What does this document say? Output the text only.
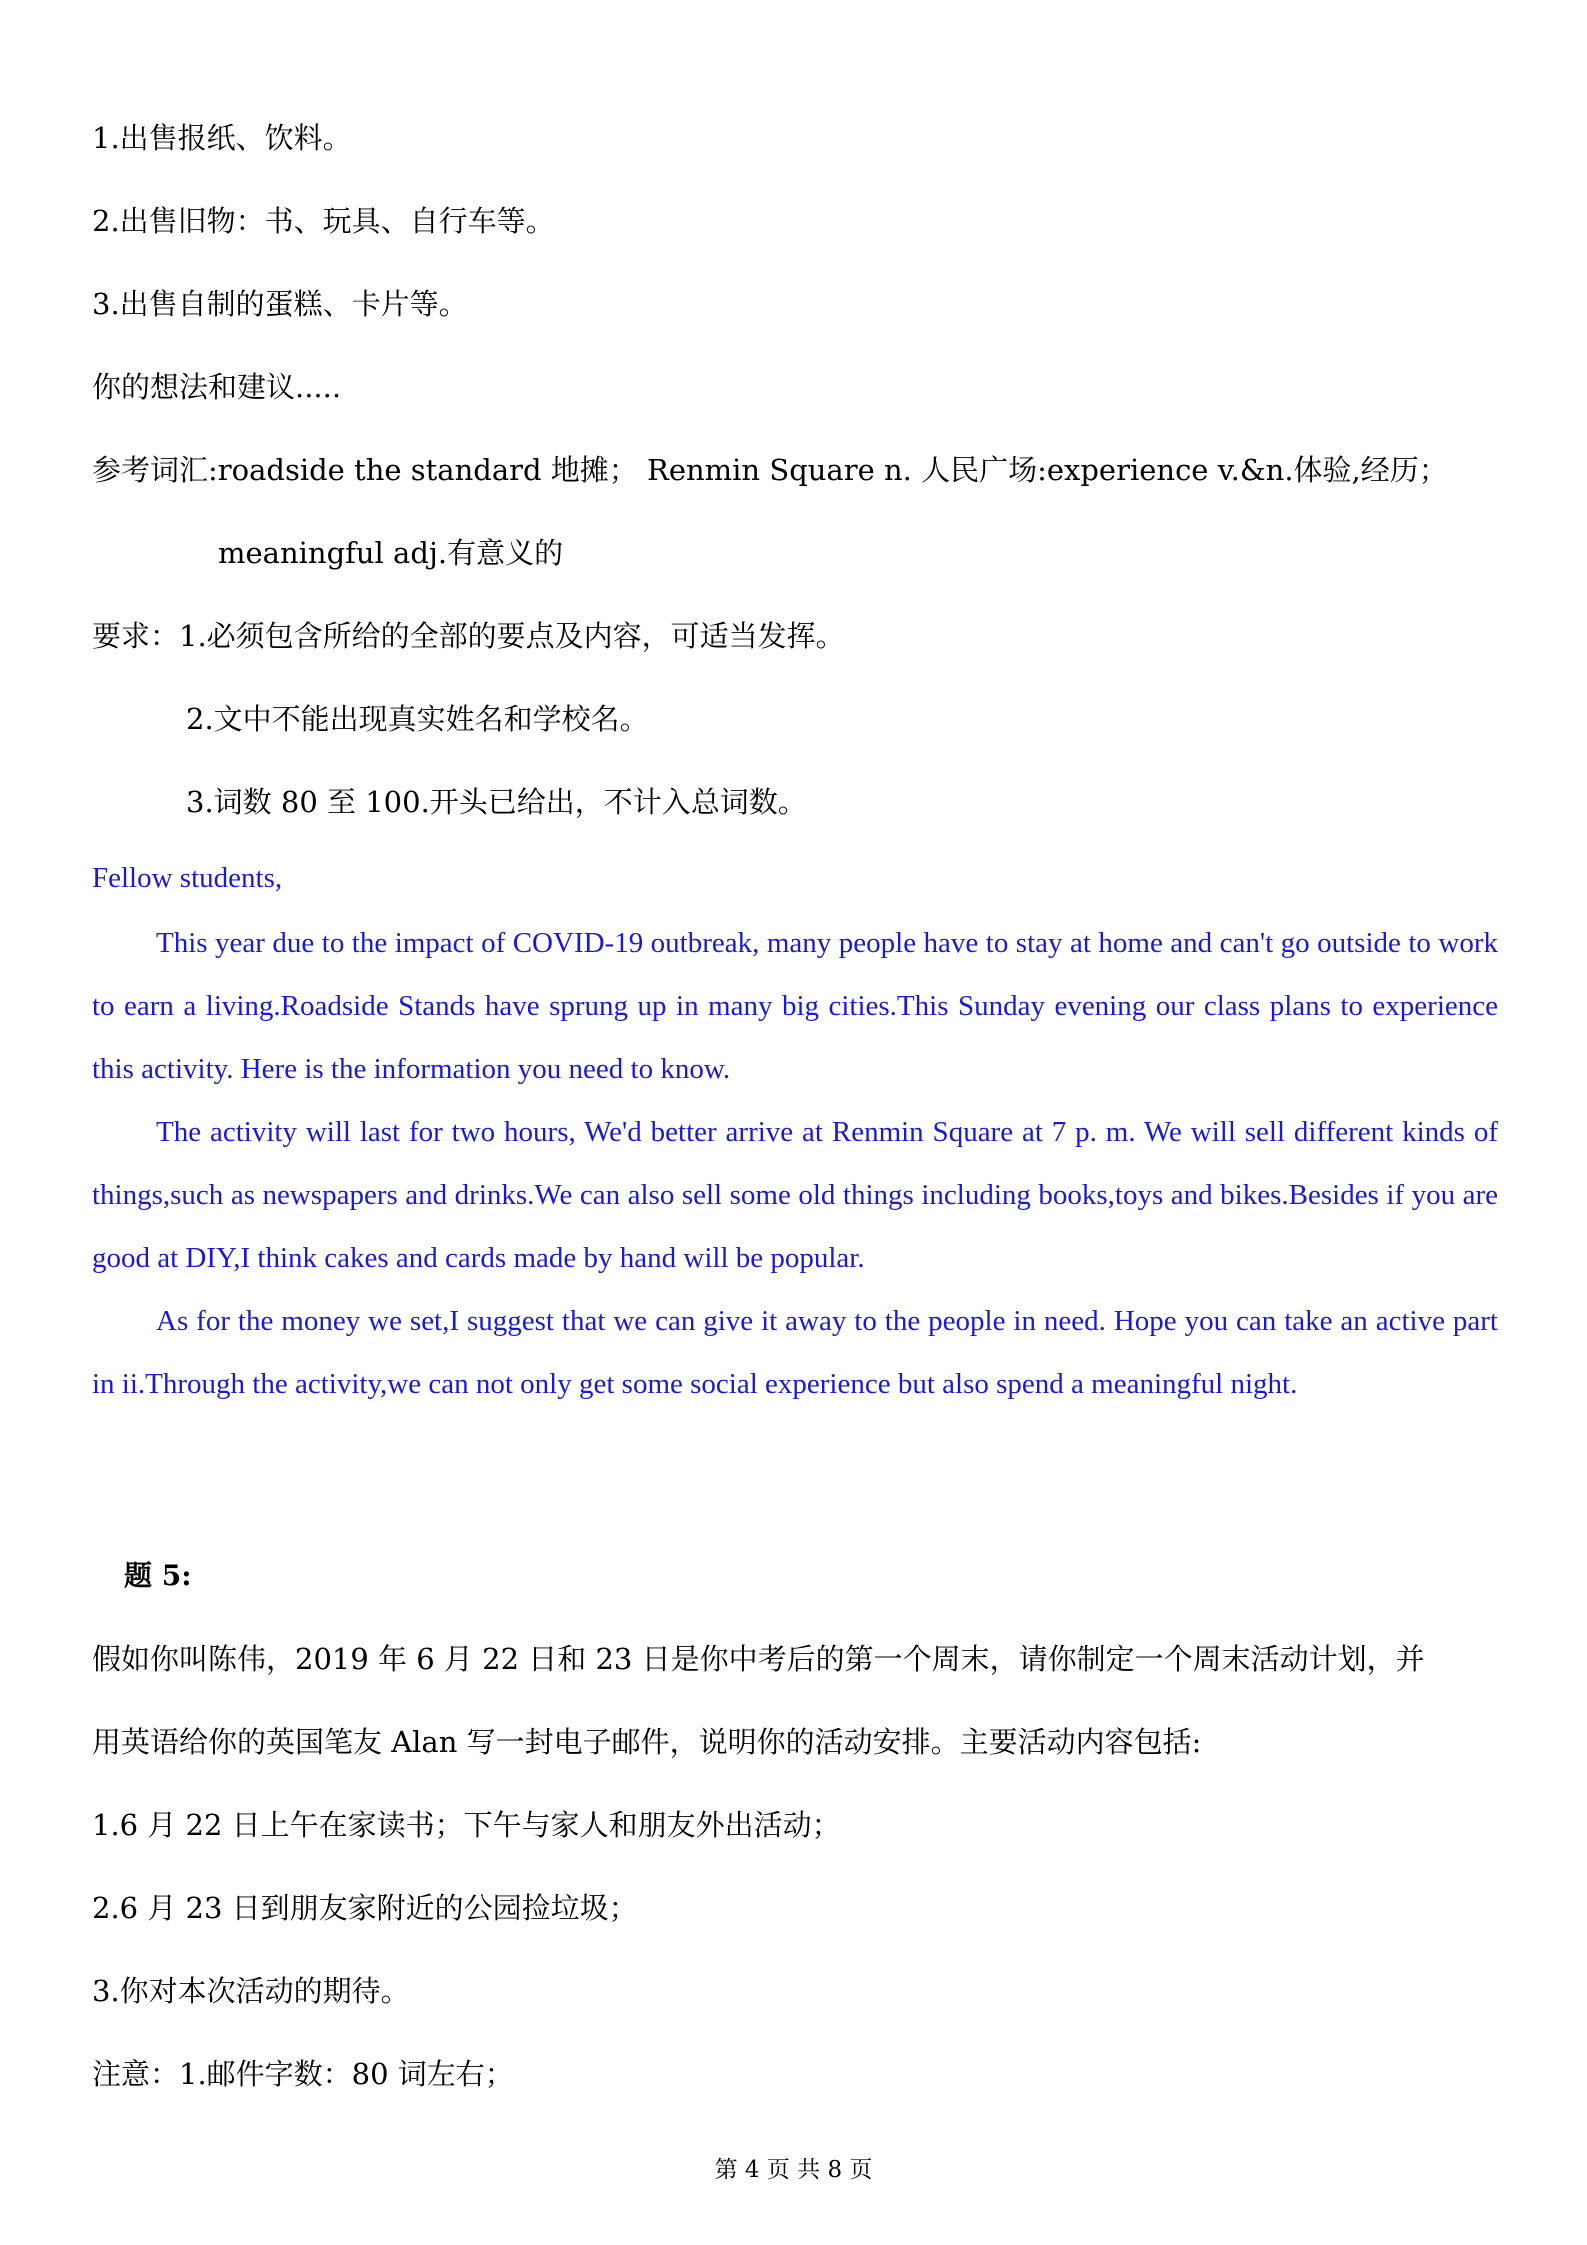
1.出售报纸、饮料。
2.出售旧物：书、玩具、自行车等。
3.出售自制的蛋糕、卡片等。
你的想法和建议.....
参考词汇:roadside the standard 地摊； Renmin Square n. 人民广场:experience v.&n.体验,经历；
meaningful adj.有意义的
要求：1.必须包含所给的全部的要点及内容，可适当发挥。
2.文中不能出现真实姓名和学校名。
3.词数 80 至 100.开头已给出，不计入总词数。
Fellow students,

This year due to the impact of COVID-19 outbreak, many people have to stay at home and can't go outside to work to earn a living.Roadside Stands have sprung up in many big cities.This Sunday evening our class plans to experience this activity. Here is the information you need to know.

The activity will last for two hours, We'd better arrive at Renmin Square at 7 p. m. We will sell different kinds of things,such as newspapers and drinks.We can also sell some old things including books,toys and bikes.Besides if you are good at DIY,I think cakes and cards made by hand will be popular.

As for the money we set,I suggest that we can give it away to the people in need. Hope you can take an active part in ii.Through the activity,we can not only get some social experience but also spend a meaningful night.

题 5:
假如你叫陈伟，2019 年 6 月 22 日和 23 日是你中考后的第一个周末，请你制定一个周末活动计划，并
用英语给你的英国笔友 Alan 写一封电子邮件，说明你的活动安排。主要活动内容包括:
1.6 月 22 日上午在家读书；下午与家人和朋友外出活动；
2.6 月 23 日到朋友家附近的公园捡垃圾；
3.你对本次活动的期待。
注意：1.邮件字数：80 词左右；
第 4 页 共 8 页
